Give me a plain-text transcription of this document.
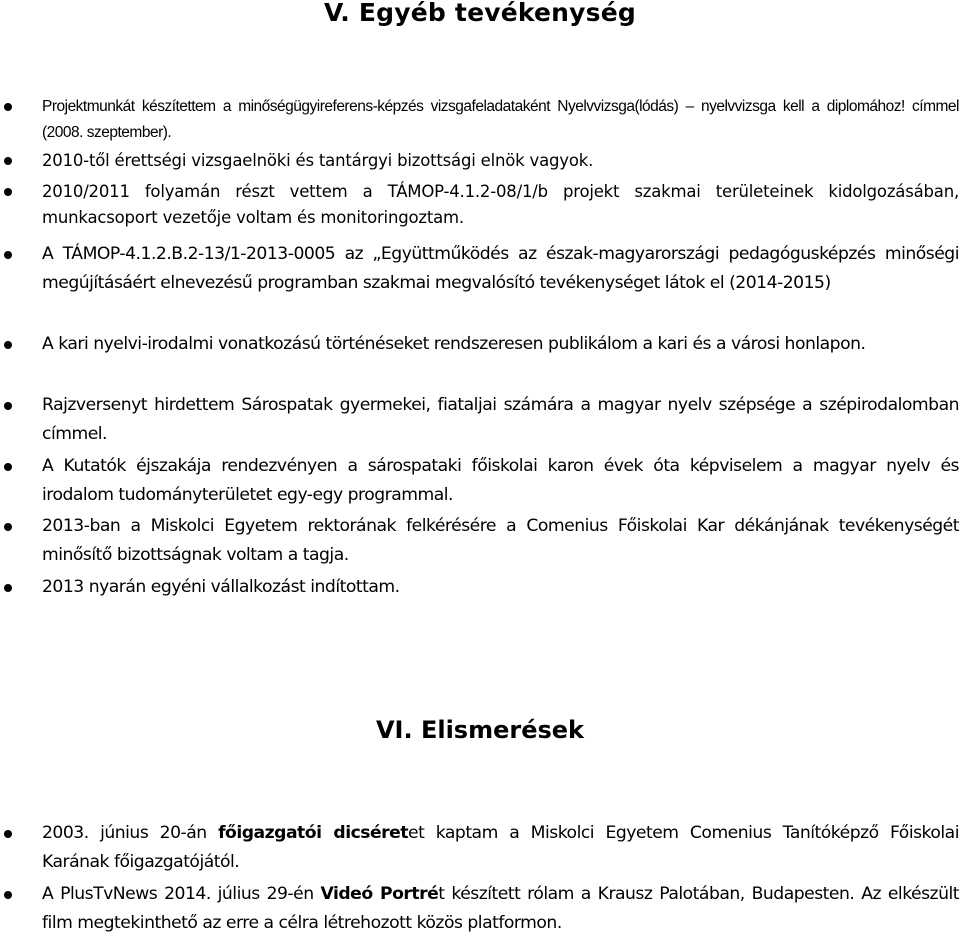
V. Egyéb tevékenység
Projektmunkát készítettem a minőségügyireferens-képzés vizsgafeladataként Nyelvvizsga(lódás) – nyelvvizsga kell a diplomához! címmel (2008. szeptember).
2010-től érettségi vizsgaelnöki és tantárgyi bizottsági elnök vagyok.
2010/2011 folyamán részt vettem a TÁMOP-4.1.2-08/1/b projekt szakmai területeinek kidolgozásában, munkacsoport vezetője voltam és monitoringoztam.
A TÁMOP-4.1.2.B.2-13/1-2013-0005 az „Együttműködés az észak-magyarországi pedagógusképzés minőségi megújításáért elnevezésű programban szakmai megvalósító tevékenységet látok el (2014-2015)
A kari nyelvi-irodalmi vonatkozású történéseket rendszeresen publikálom a kari és a városi honlapon.
Rajzversenyt hirdettem Sárospatak gyermekei, fiataljai számára a magyar nyelv szépsége a szépirodalomban címmel.
A Kutatók éjszakája rendezvényen a sárospataki főiskolai karon évek óta képviselem a magyar nyelv és irodalom tudományterületet egy-egy programmal.
2013-ban a Miskolci Egyetem rektorának felkérésére a Comenius Főiskolai Kar dékánjának tevékenységét minősítő bizottságnak voltam a tagja.
2013 nyarán egyéni vállalkozást indítottam.
VI. Elismerések
2003. június 20-án főigazgatói dicséretet kaptam a Miskolci Egyetem Comenius Tanítóképző Főiskolai Karának főigazgatójától.
A PlusTvNews 2014. július 29-én Videó Portrét készített rólam a Krausz Palotában, Budapesten. Az elkészült film megtekinthető az erre a célra létrehozott közös platformon.
